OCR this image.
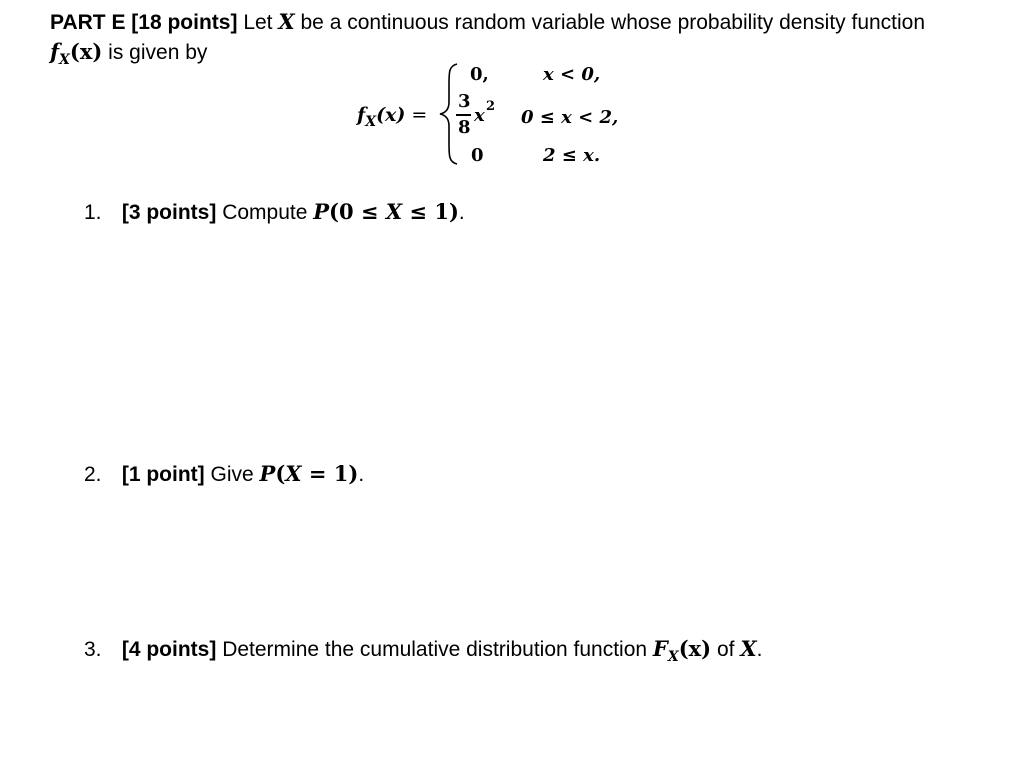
PART E [18 points] Let X be a continuous random variable whose probability density function
$f_X(x)$ is given by
$f_X(x)$ =
0,	x < 0,
3
8
x 2
0 ≤ x < 2,
0	2 ≤ x.
1. [3 points] Compute P(0 ≤ X ≤ 1).
2. [1 point] Give P(X = 1).
3. [4 points] Determine the cumulative distribution function $F_X(x)$ of X.
